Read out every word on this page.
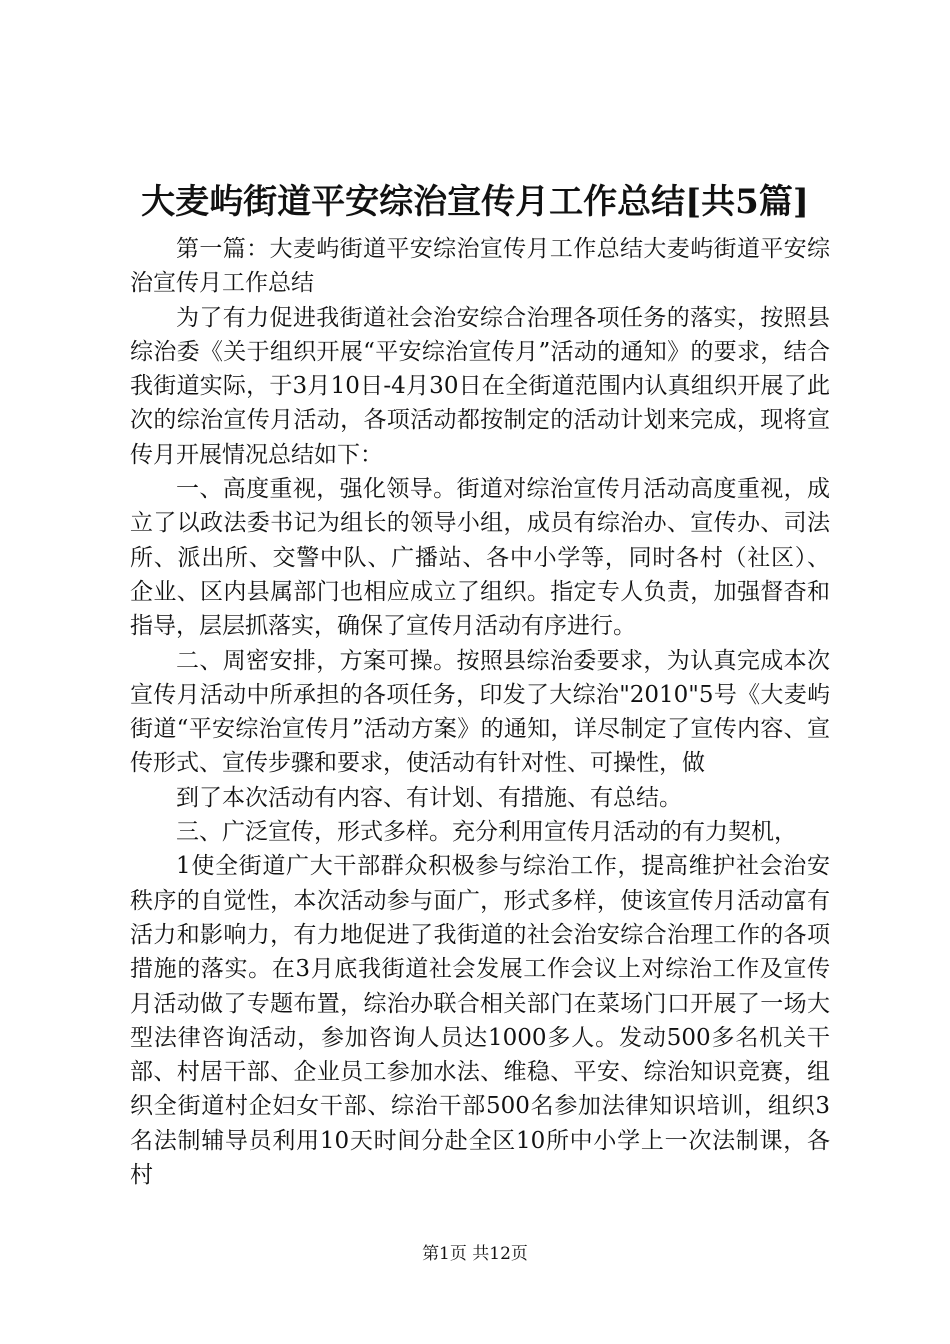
大麦屿街道平安综治宣传月工作总结[共5篇]

第一篇：大麦屿街道平安综治宣传月工作总结大麦屿街道平安综治宣传月工作总结

为了有力促进我街道社会治安综合治理各项任务的落实，按照县综治委《关于组织开展“平安综治宣传月”活动的通知》的要求，结合我街道实际，于3月10日-4月30日在全街道范围内认真组织开展了此次的综治宣传月活动，各项活动都按制定的活动计划来完成，现将宣传月开展情况总结如下：

一、高度重视，强化领导。街道对综治宣传月活动高度重视，成立了以政法委书记为组长的领导小组，成员有综治办、宣传办、司法所、派出所、交警中队、广播站、各中小学等，同时各村（社区）、企业、区内县属部门也相应成立了组织。指定专人负责，加强督杳和指导，层层抓落实，确保了宣传月活动有序进行。

二、周密安排，方案可操。按照县综治委要求，为认真完成本次宣传月活动中所承担的各项任务，印发了大综治"2010"5号《大麦屿街道“平安综治宣传月”活动方案》的通知，详尽制定了宣传内容、宣传形式、宣传步骤和要求，使活动有针对性、可操性，做

到了本次活动有内容、有计划、有措施、有总结。

三、广泛宣传，形式多样。充分利用宣传月活动的有力契机，

1使全街道广大干部群众积极参与综治工作，提高维护社会治安秩序的自觉性，本次活动参与面广，形式多样，使该宣传月活动富有活力和影响力，有力地促进了我街道的社会治安综合治理工作的各项措施的落实。在3月底我街道社会发展工作会议上对综治工作及宣传月活动做了专题布置，综治办联合相关部门在菜场门口开展了一场大型法律咨询活动，参加咨询人员达1000多人。发动500多名机关干部、村居干部、企业员工参加水法、维稳、平安、综治知识竞赛，组织全街道村企妇女干部、综治干部500名参加法律知识培训，组织3名法制辅导员利用10天时间分赴全区10所中小学上一次法制课，各村

第1页 共12页
